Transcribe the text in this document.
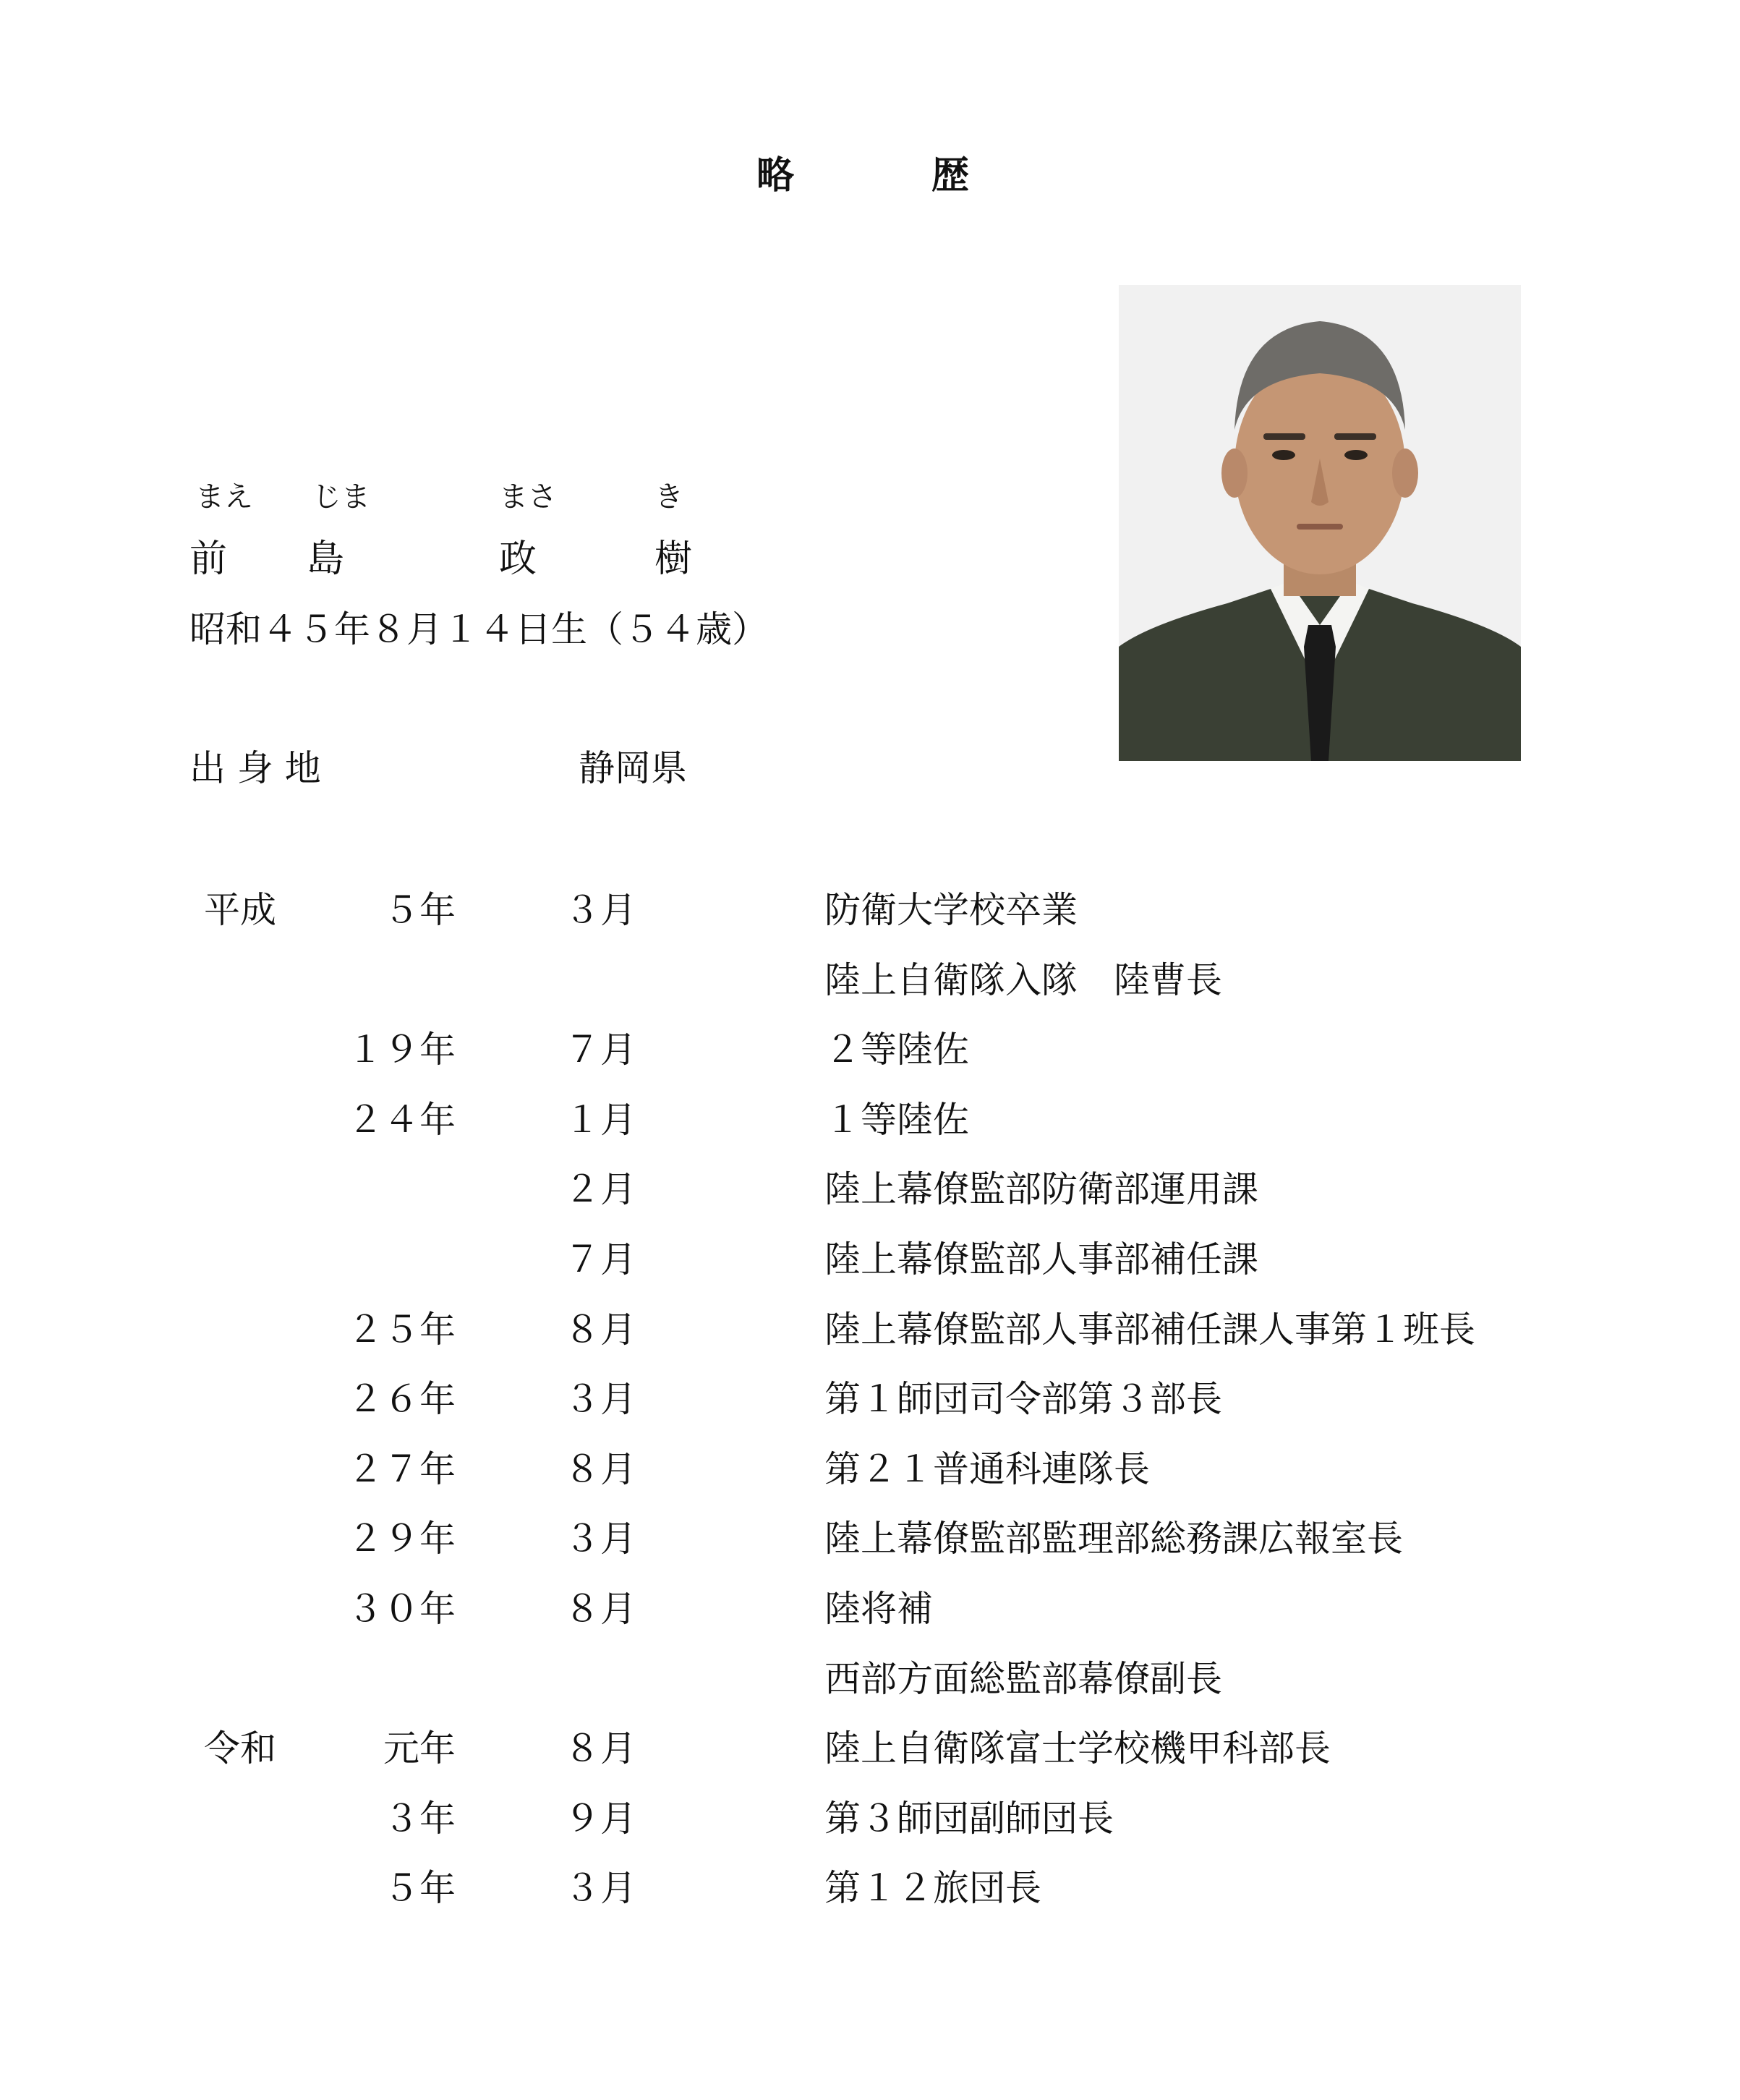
略	歴
まえ じま	まさ	き
前 島	政	樹
昭和４５年８月１４日生（５４歳）
出 身 地	静岡県
平成	５年	３月	防衛大学校卒業
陸上自衛隊入隊　陸曹長
１９年	７月	２等陸佐
２４年	１月	１等陸佐
２月	陸上幕僚監部防衛部運用課
７月	陸上幕僚監部人事部補任課
２５年	８月	陸上幕僚監部人事部補任課人事第１班長
２６年	３月	第１師団司令部第３部長
２７年	８月	第２１普通科連隊長
２９年	３月	陸上幕僚監部監理部総務課広報室長
３０年	８月	陸将補
西部方面総監部幕僚副長
令和	元年	８月	陸上自衛隊富士学校機甲科部長
３年	９月	第３師団副師団長
５年	３月	第１２旅団長
